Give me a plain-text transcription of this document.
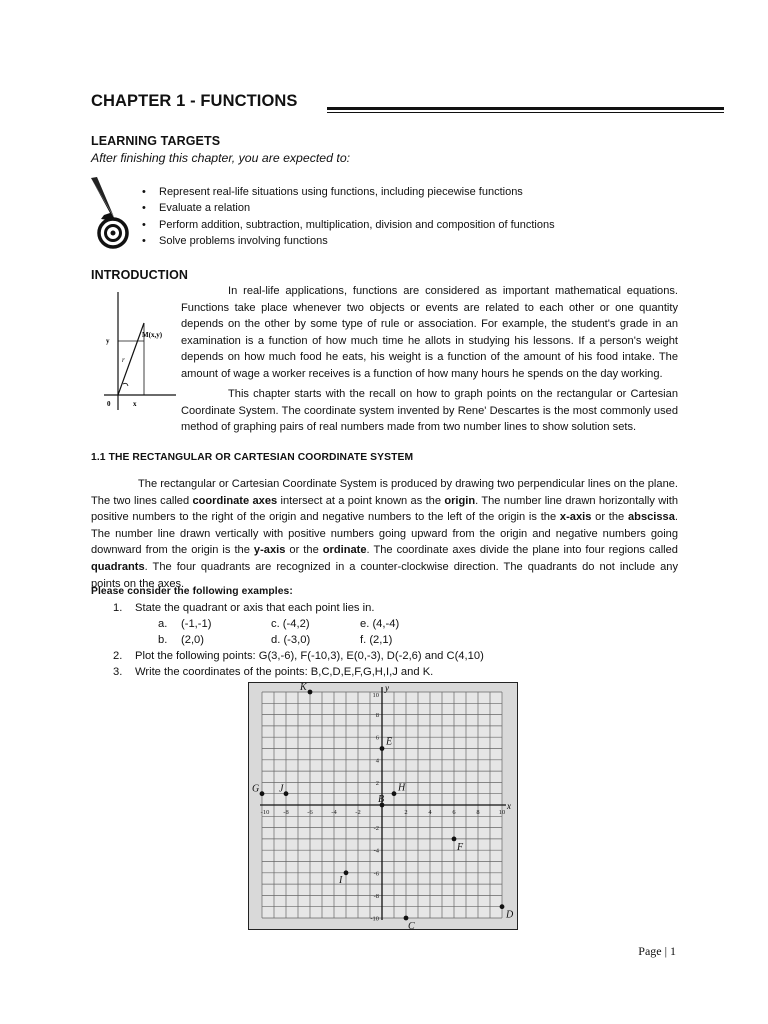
CHAPTER 1 - FUNCTIONS
LEARNING TARGETS
After finishing this chapter, you are expected to:
• Represent real-life situations using functions, including piecewise functions
• Evaluate a relation
• Perform addition, subtraction, multiplication, division and composition of functions
• Solve problems involving functions
INTRODUCTION
M(x,y)
y
r
0	x
In real-life applications, functions are considered as important mathematical equations. Functions take place whenever two objects or events are related to each other or one quantity depends on the other by some type of rule or association. For example, the student's grade in an examination is a function of how much time he allots in studying his lessons. If a person's weight depends on how much food he eats, his weight is a function of the amount of his food intake. The amount of wage a worker receives is a function of how many hours he spends on the day working.
This chapter starts with the recall on how to graph points on the rectangular or Cartesian Coordinate System. The coordinate system invented by Rene' Descartes is the most commonly used method of graphing pairs of real numbers made from two number lines to show solution sets.
1.1 THE RECTANGULAR OR CARTESIAN COORDINATE SYSTEM
The rectangular or Cartesian Coordinate System is produced by drawing two perpendicular lines on the plane. The two lines called coordinate axes intersect at a point known as the origin. The number line drawn horizontally with positive numbers to the right of the origin and negative numbers to the left of the origin is the x-axis or the abscissa. The number line drawn vertically with positive numbers going upward from the origin and negative numbers going downward from the origin is the y-axis or the ordinate. The coordinate axes divide the plane into four regions called quadrants. The four quadrants are recognized in a counter-clockwise direction. The quadrants do not include any points on the axes.
Please consider the following examples:
1. State the quadrant or axis that each point lies in.
a. (-1,-1)	c. (-4,2)	e. (4,-4)
b. (2,0)	d. (-3,0)	f. (2,1)
2. Plot the following points: G(3,-6), F(-10,3), E(0,-3), D(-2,6) and C(4,10)
3. Write the coordinates of the points: B,C,D,E,F,G,H,I,J and K.
-10 -8	-6	-4	-2	2	4	6	8	10
10
8
6
4
2
-2
-4
-6
-8
-10
K
E
G J	H
B
F
I
D
C
x
y
Page | 1
